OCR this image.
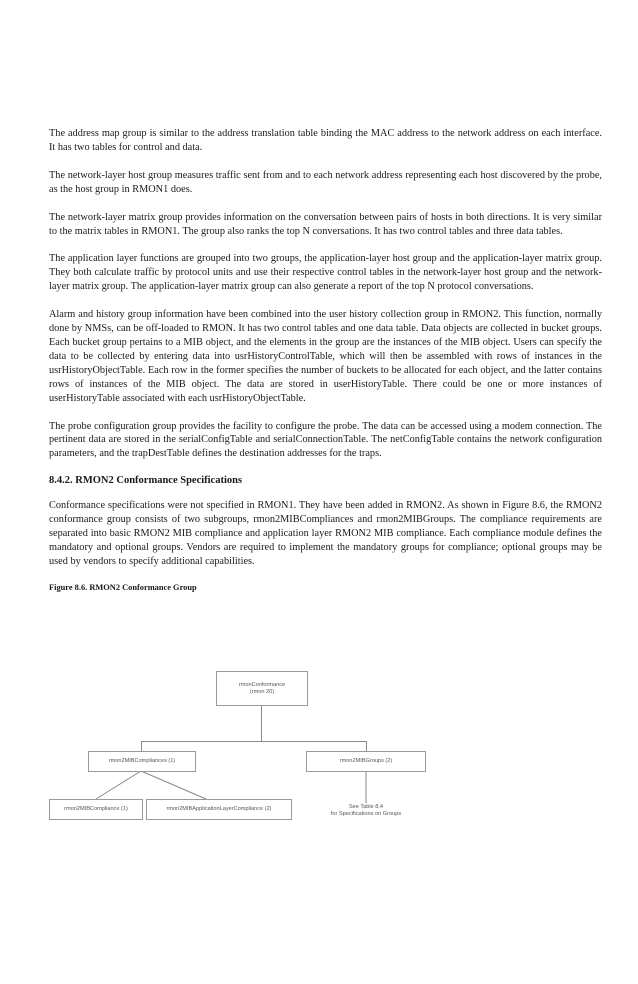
The address map group is similar to the address translation table binding the MAC address to the network address on each interface. It has two tables for control and data.

The network-layer host group measures traffic sent from and to each network address representing each host discovered by the probe, as the host group in RMON1 does.

The network-layer matrix group provides information on the conversation between pairs of hosts in both directions. It is very similar to the matrix tables in RMON1. The group also ranks the top N conversations. It has two control tables and three data tables.

The application layer functions are grouped into two groups, the application-layer host group and the application-layer matrix group. They both calculate traffic by protocol units and use their respective control tables in the network-layer host group and the network-layer matrix group. The application-layer matrix group can also generate a report of the top N protocol conversations.

Alarm and history group information have been combined into the user history collection group in RMON2. This function, normally done by NMSs, can be off-loaded to RMON. It has two control tables and one data table. Data objects are collected in bucket groups. Each bucket group pertains to a MIB object, and the elements in the group are the instances of the MIB object. Users can specify the data to be collected by entering data into usrHistoryControlTable, which will then be assembled with rows of instances in the usrHistoryObjectTable. Each row in the former specifies the number of buckets to be allocated for each object, and the latter contains rows of instances of the MIB object. The data are stored in userHistoryTable. There could be one or more instances of userHistoryTable associated with each usrHistoryObjectTable.

The probe configuration group provides the facility to configure the probe. The data can be accessed using a modem connection. The pertinent data are stored in the serialConfigTable and serialConnectionTable. The netConfigTable contains the network configuration parameters, and the trapDestTable defines the destination addresses for the traps.

8.4.2. RMON2 Conformance Specifications

Conformance specifications were not specified in RMON1. They have been added in RMON2. As shown in Figure 8.6, the RMON2 conformance group consists of two subgroups, rmon2MIBCompliances and rmon2MIBGroups. The compliance requirements are separated into basic RMON2 MIB compliance and application layer RMON2 MIB compliance. Each compliance module defines the mandatory and optional groups. Vendors are required to implement the mandatory groups for compliance; optional groups may be used by vendors to specify additional capabilities.

Figure 8.6. RMON2 Conformance Group
rmonConformance
(rmon 20)
rmon2MIBCompliances (1)	rmon2MIBGroups (2)
rmon2MIBCompliance (1)	rmon2MIBApplicationLayerCompliance (2)	See Table 8.4
for Specifications on Groups
